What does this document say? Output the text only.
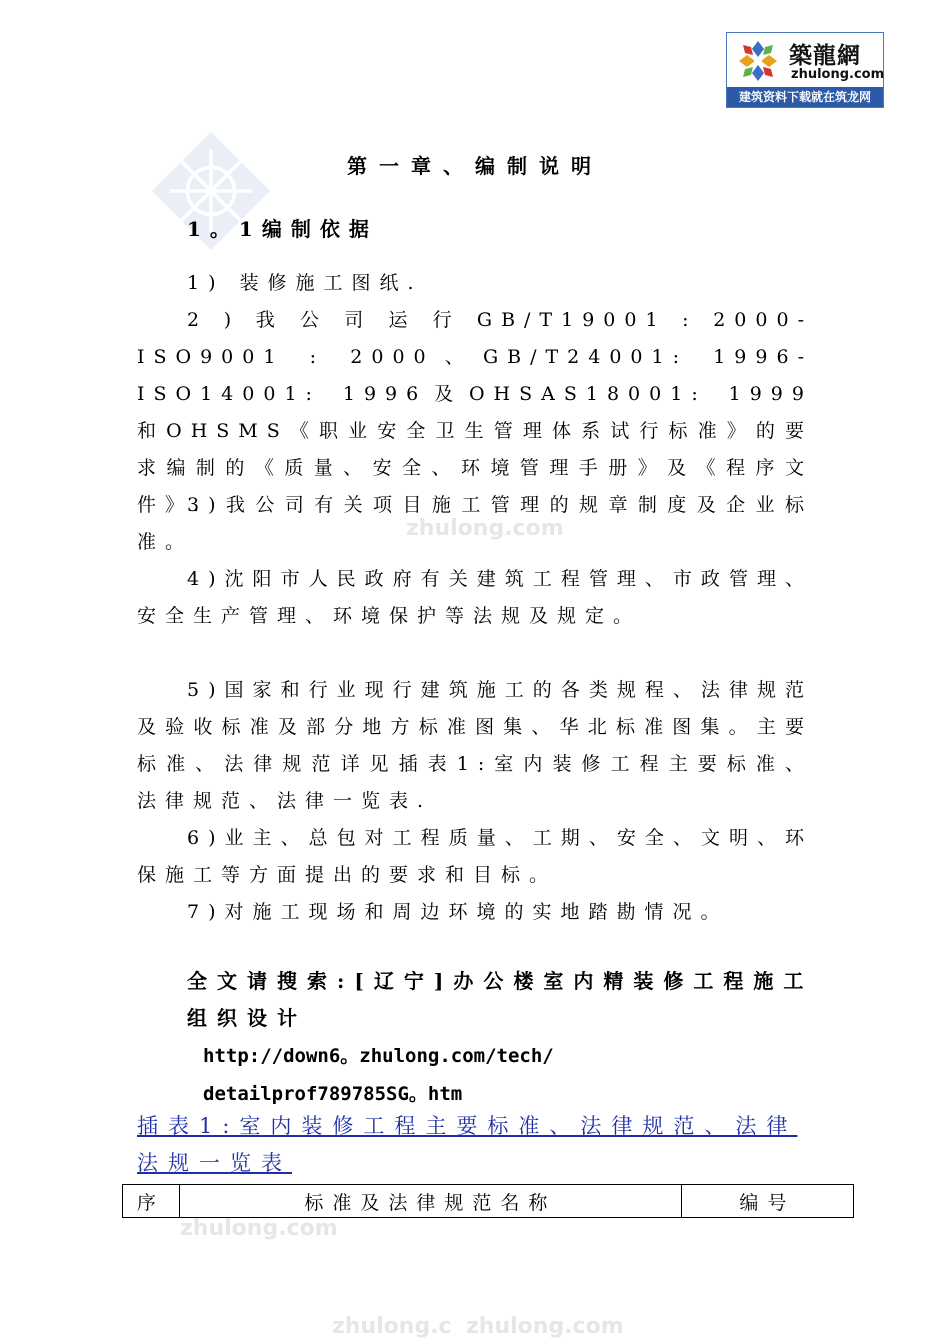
築龍網
zhulong.com
建筑资料下载就在筑龙网
zhulong.com
zhulong.com
zhulong.c zhulong.com
第一章、编制说明
1。1编制依据
1) 装修施工图纸.
2 ) 我 公 司 运 行 GB/T19001 : 2000-ISO9001 : 2000、GB/T24001: 1996-ISO14001: 1996及OHSAS18001: 1999和OHSMS《职业安全卫生管理体系试行标准》的要求编制的《质量、安全、环境管理手册》及《程序文件》.
3)我公司有关项目施工管理的规章制度及企业标准。
4)沈阳市人民政府有关建筑工程管理、市政管理、安全生产管理、环境保护等法规及规定。
5)国家和行业现行建筑施工的各类规程、法律规范及验收标准及部分地方标准图集、华北标准图集。主要标准、法律规范详见插表1:室内装修工程主要标准、法律规范、法律一览表.
6)业主、总包对工程质量、工期、安全、文明、环保施工等方面提出的要求和目标。
7)对施工现场和周边环境的实地踏勘情况。
全文请搜索:[辽宁]办公楼室内精装修工程施工组织设计
http://down6。zhulong.com/tech/
detailprof789785SG。htm
插表1:室内装修工程主要标准、法律规范、法律法规一览表
序	标准及法律规范名称	编号
